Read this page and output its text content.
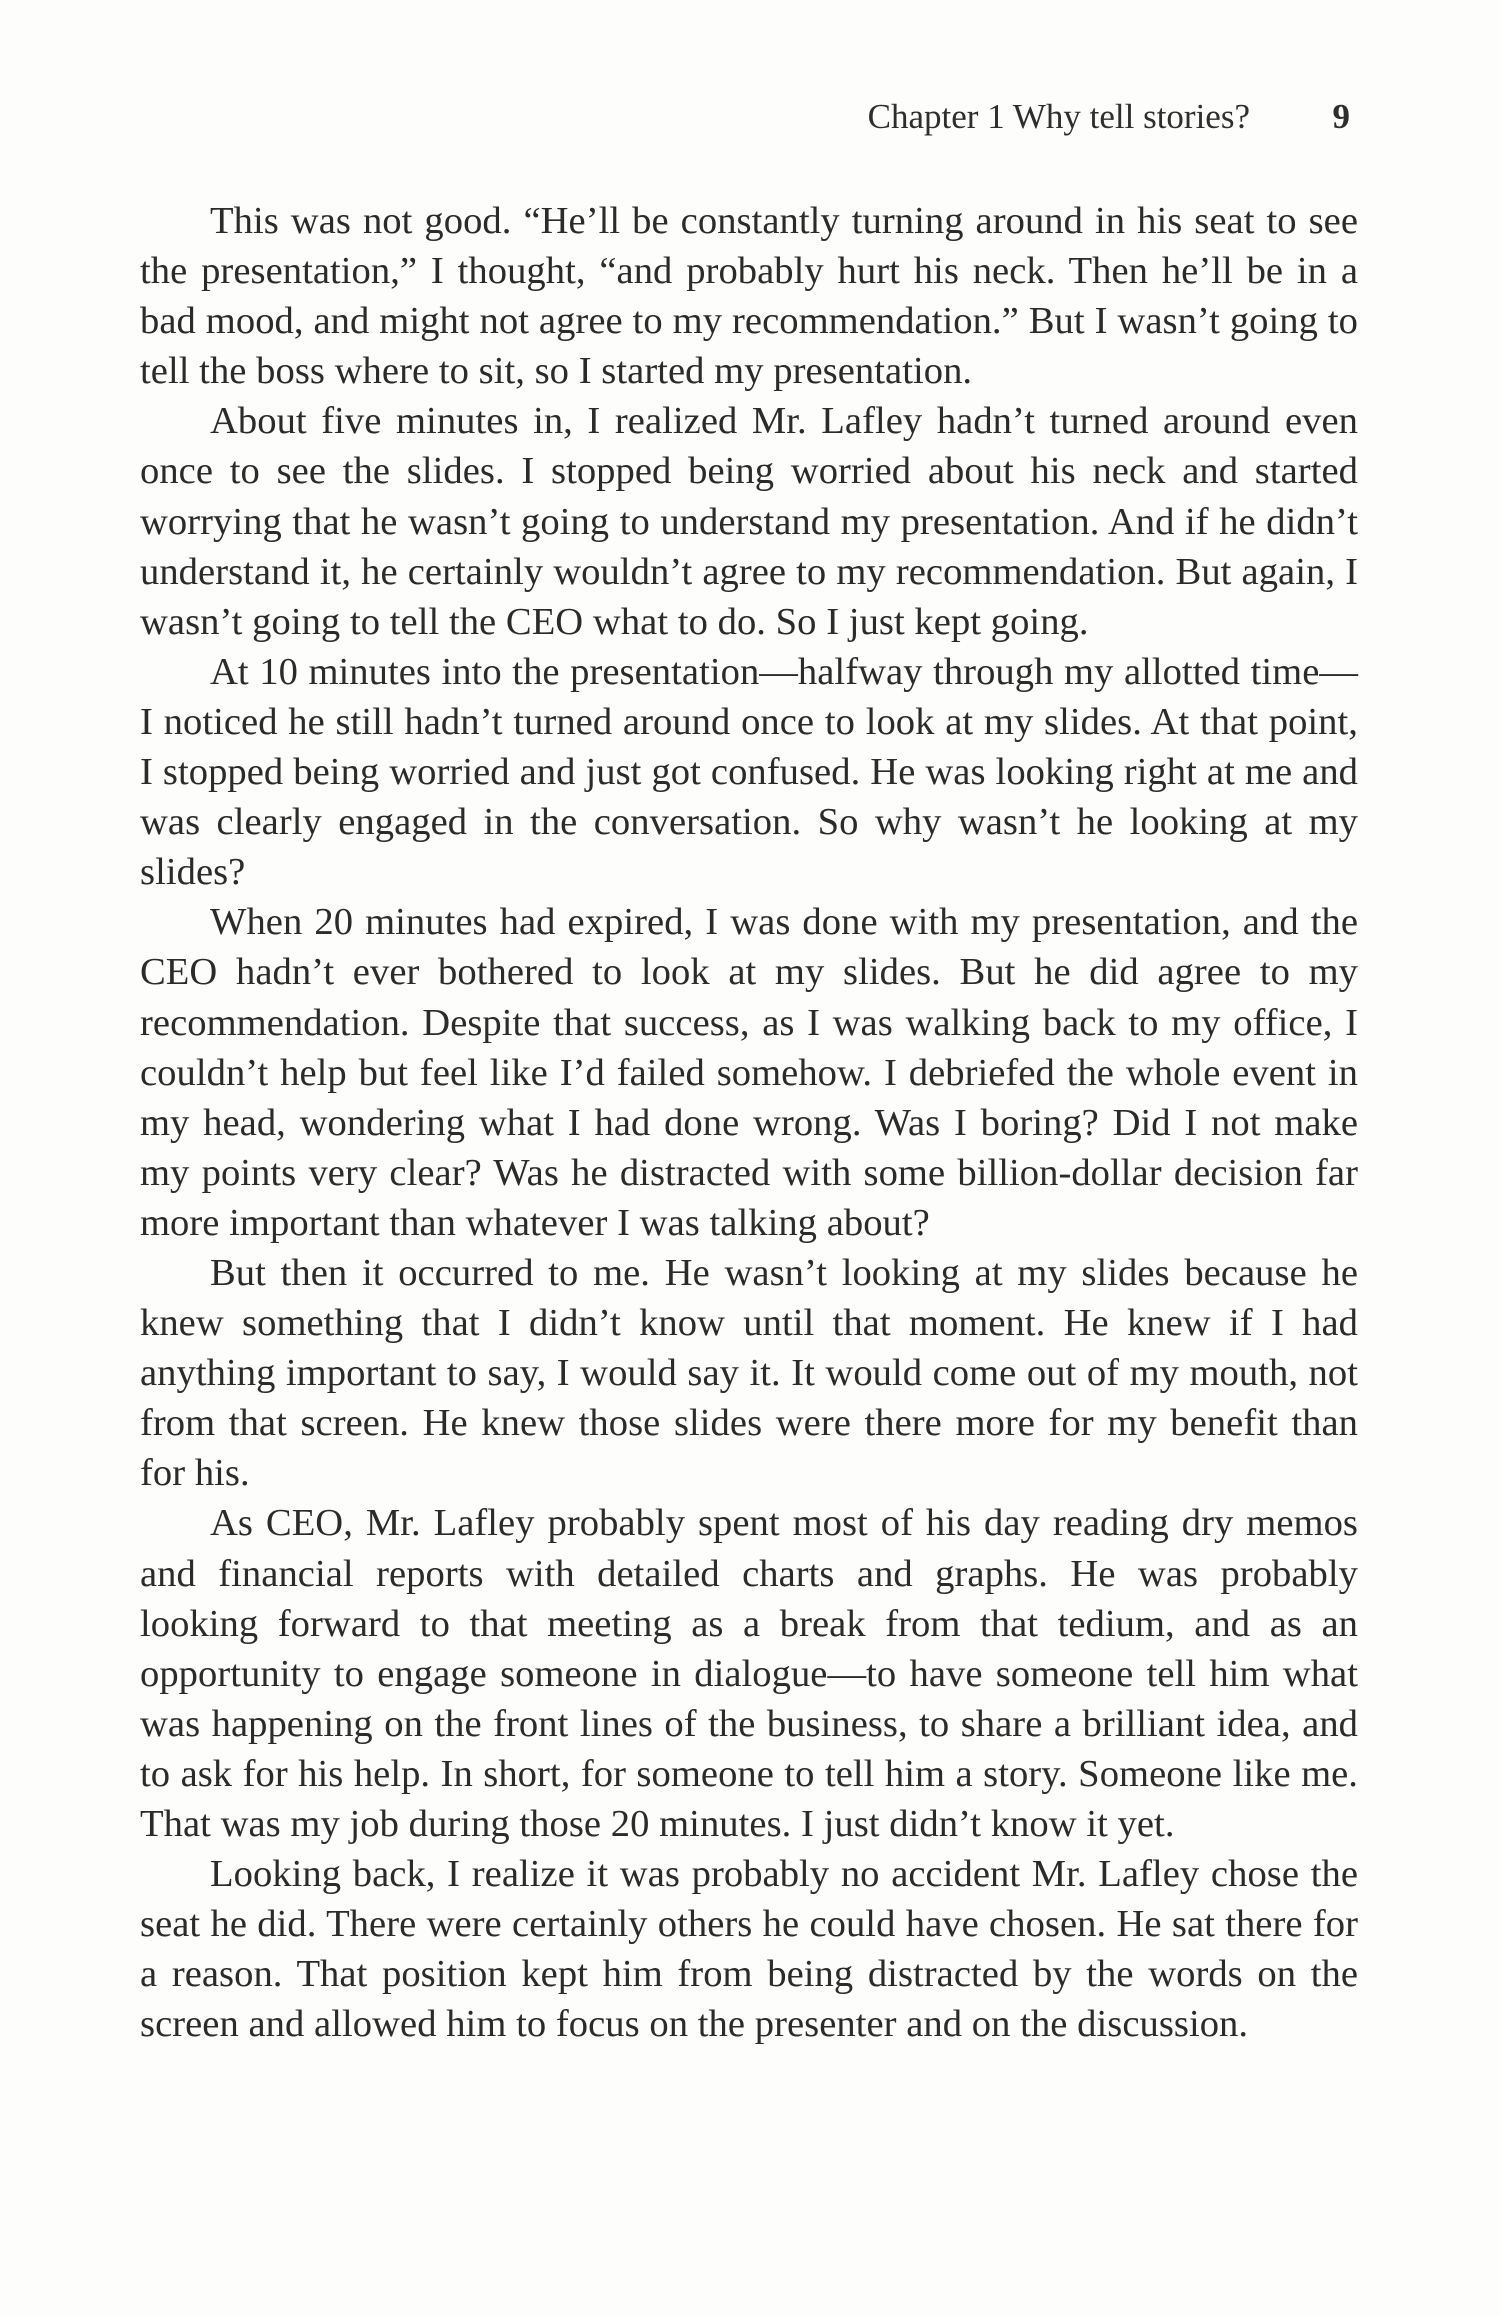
Chapter 1 Why tell stories? 9

This was not good. “He’ll be constantly turning around in his seat to see the presentation,” I thought, “and probably hurt his neck. Then he’ll be in a bad mood, and might not agree to my recommendation.” But I wasn’t going to tell the boss where to sit, so I started my presentation.

About five minutes in, I realized Mr. Lafley hadn’t turned around even once to see the slides. I stopped being worried about his neck and started worrying that he wasn’t going to understand my presentation. And if he didn’t understand it, he certainly wouldn’t agree to my recommendation. But again, I wasn’t going to tell the CEO what to do. So I just kept going.

At 10 minutes into the presentation—halfway through my allotted time—I noticed he still hadn’t turned around once to look at my slides. At that point, I stopped being worried and just got confused. He was looking right at me and was clearly engaged in the conversation. So why wasn’t he looking at my slides?

When 20 minutes had expired, I was done with my presentation, and the CEO hadn’t ever bothered to look at my slides. But he did agree to my recommendation. Despite that success, as I was walking back to my office, I couldn’t help but feel like I’d failed somehow. I debriefed the whole event in my head, wondering what I had done wrong. Was I boring? Did I not make my points very clear? Was he distracted with some billion-dollar decision far more important than whatever I was talking about?

But then it occurred to me. He wasn’t looking at my slides because he knew something that I didn’t know until that moment. He knew if I had anything important to say, I would say it. It would come out of my mouth, not from that screen. He knew those slides were there more for my benefit than for his.

As CEO, Mr. Lafley probably spent most of his day reading dry memos and financial reports with detailed charts and graphs. He was probably looking forward to that meeting as a break from that tedium, and as an opportunity to engage someone in dialogue—to have someone tell him what was happening on the front lines of the business, to share a brilliant idea, and to ask for his help. In short, for someone to tell him a story. Someone like me. That was my job during those 20 minutes. I just didn’t know it yet.

Looking back, I realize it was probably no accident Mr. Lafley chose the seat he did. There were certainly others he could have chosen. He sat there for a reason. That position kept him from being distracted by the words on the screen and allowed him to focus on the presenter and on the discussion.
